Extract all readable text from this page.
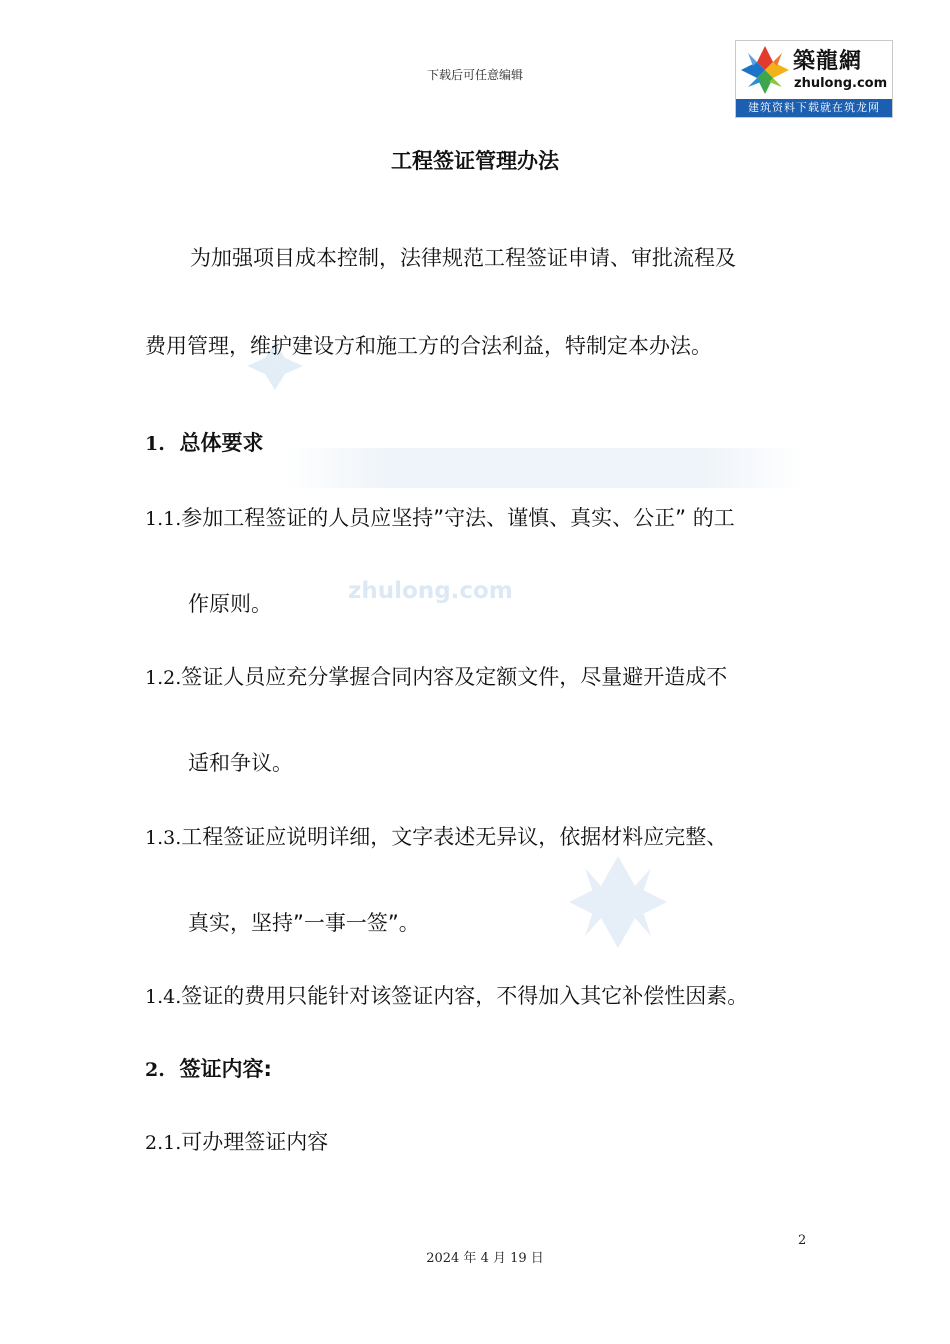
下载后可任意编辑
築龍網
zhulong.com
建筑资料下载就在筑龙网
zhulong.com
工程签证管理办法
为加强项目成本控制，法律规范工程签证申请、审批流程及
费用管理，维护建设方和施工方的合法利益，特制定本办法。
1. 总体要求
1.1.参加工程签证的人员应坚持”守法、谨慎、真实、公正” 的工
作原则。
1.2.签证人员应充分掌握合同内容及定额文件，尽量避开造成不
适和争议。
1.3.工程签证应说明详细，文字表述无异议，依据材料应完整、
真实，坚持”一事一签”。
1.4.签证的费用只能针对该签证内容，不得加入其它补偿性因素。
2. 签证内容:
2.1.可办理签证内容
2
2024 年 4 月 19 日
